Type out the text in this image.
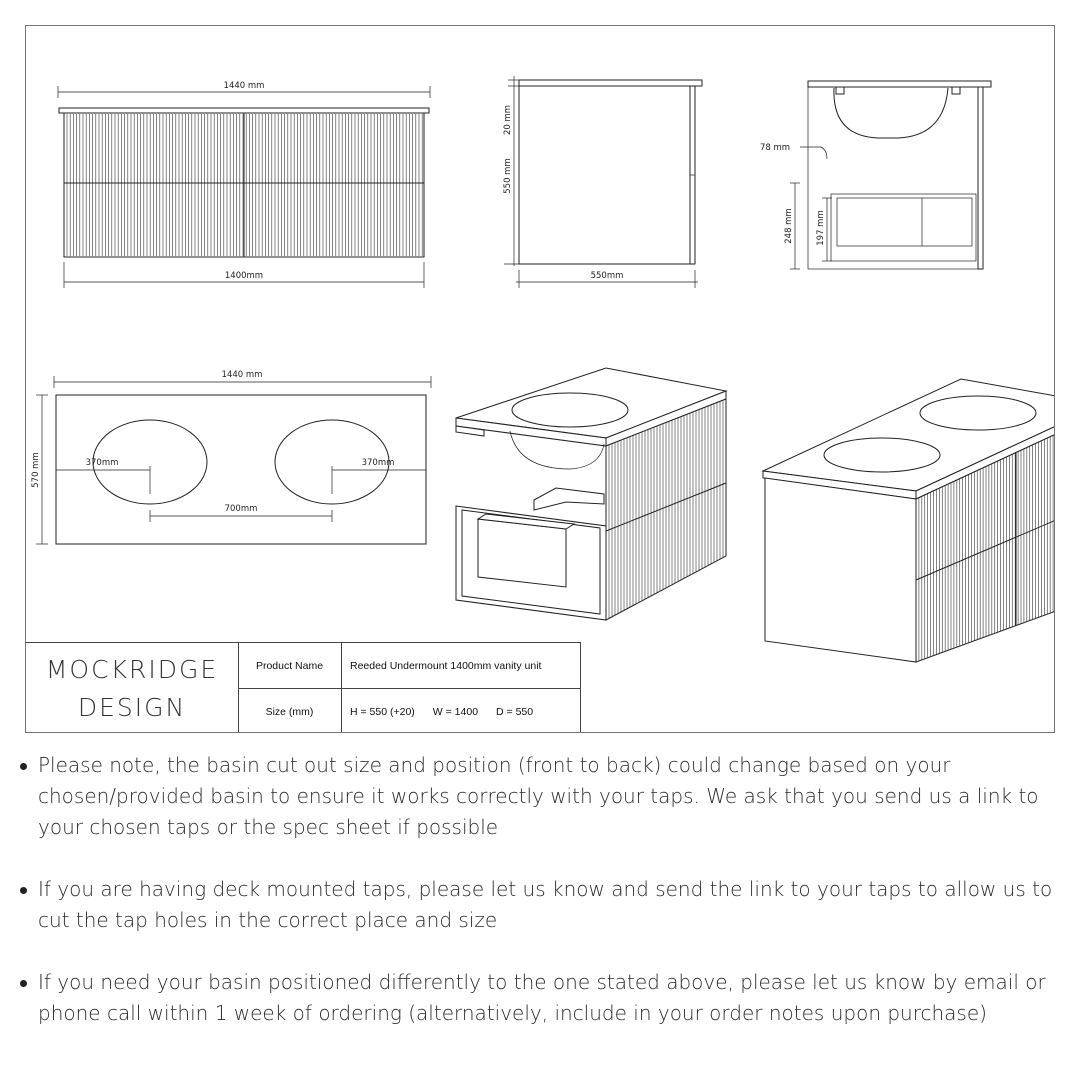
1440 mm
1400mm
20 mm
550 mm
550mm
78 mm
248 mm	197 mm
1440 mm
570 mm	370mm	370mm
700mm
MOCKRIDGE
DESIGN
Product Name	Reeded Undermount 1400mm vanity unit
Size (mm)	H = 550 (+20) W = 1400 D = 550
Please note, the basin cut out size and position (front to back) could change based on your chosen/provided basin to ensure it works correctly with your taps. We ask that you send us a link to your chosen taps or the spec sheet if possible
If you are having deck mounted taps, please let us know and send the link to your taps to allow us to cut the tap holes in the correct place and size
If you need your basin positioned differently to the one stated above, please let us know by email or phone call within 1 week of ordering (alternatively, include in your order notes upon purchase)
